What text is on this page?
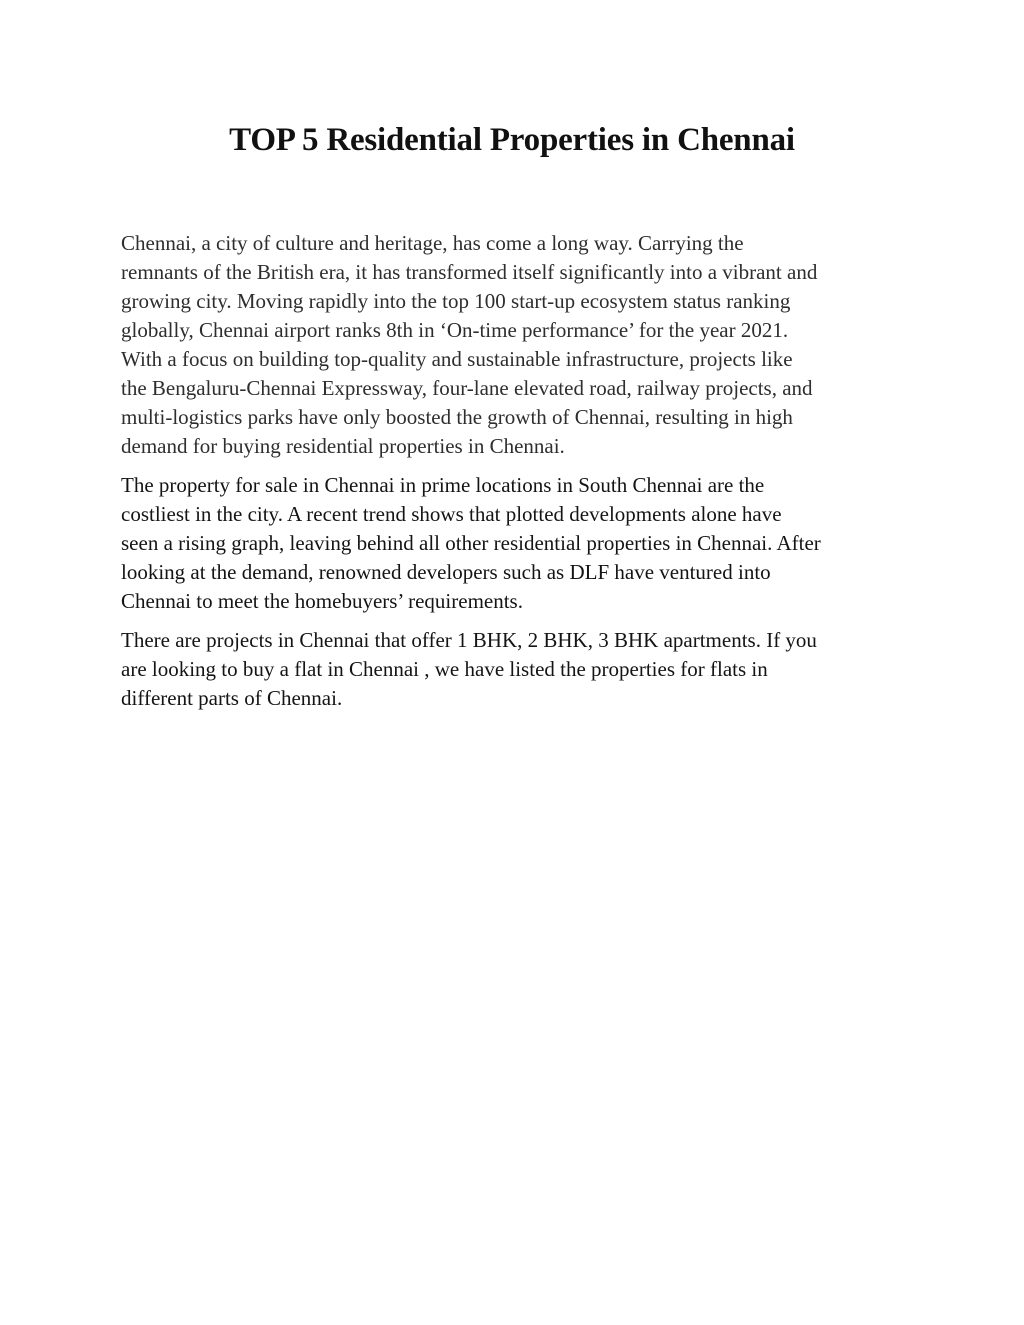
TOP 5 Residential Properties in Chennai

Chennai, a city of culture and heritage, has come a long way. Carrying the
remnants of the British era, it has transformed itself significantly into a vibrant and
growing city. Moving rapidly into the top 100 start-up ecosystem status ranking
globally, Chennai airport ranks 8th in ‘On-time performance’ for the year 2021.
With a focus on building top-quality and sustainable infrastructure, projects like
the Bengaluru-Chennai Expressway, four-lane elevated road, railway projects, and
multi-logistics parks have only boosted the growth of Chennai, resulting in high
demand for buying residential properties in Chennai.

The property for sale in Chennai in prime locations in South Chennai are the
costliest in the city. A recent trend shows that plotted developments alone have
seen a rising graph, leaving behind all other residential properties in Chennai. After
looking at the demand, renowned developers such as DLF have ventured into
Chennai to meet the homebuyers’ requirements.

There are projects in Chennai that offer 1 BHK, 2 BHK, 3 BHK apartments. If you
are looking to buy a flat in Chennai , we have listed the properties for flats in
different parts of Chennai.
